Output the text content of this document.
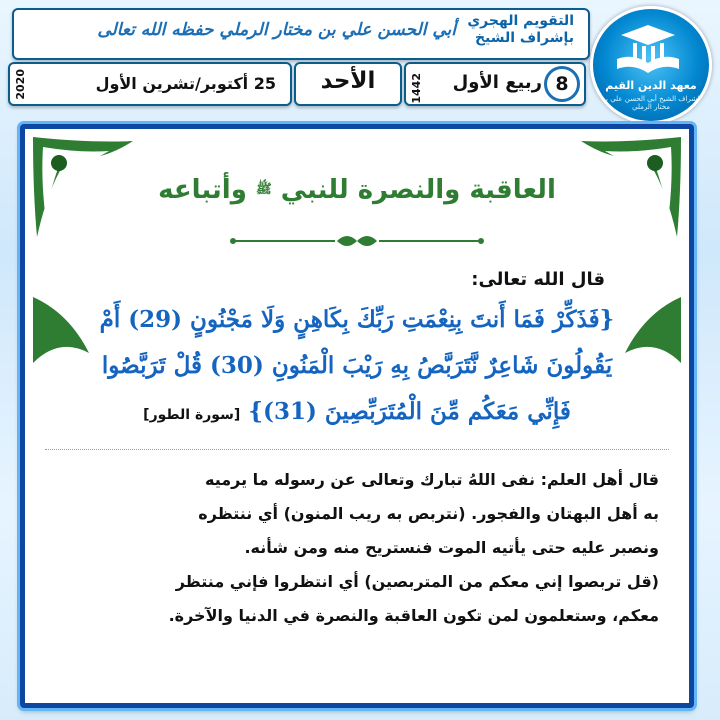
معهد الدين القيم
بإشراف الشيخ أبي الحسن علي بن مختار الرملي
التقويم الهجري
بإشراف الشيخ
أبي الحسن علي بن مختار الرملي حفظه الله تعالى
8
ربيع الأول
1442
الأحد
25 أكتوبر/تشرين الأول
2020
العاقبة والنصرة للنبي ﷺ وأتباعه
قال الله تعالى:
{فَذَكِّرْ فَمَا أَنتَ بِنِعْمَتِ رَبِّكَ بِكَاهِنٍ وَلَا مَجْنُونٍ (29) أَمْ
يَقُولُونَ شَاعِرٌ نَّتَرَبَّصُ بِهِ رَيْبَ الْمَنُونِ (30) قُلْ تَرَبَّصُوا
فَإِنِّي مَعَكُم مِّنَ الْمُتَرَبِّصِينَ (31)} [سورة الطور]

قال أهل العلم: نفى اللهُ تبارك وتعالى عن رسوله ما يرميه

به أهل البهتان والفجور. (نتربص به ريب المنون) أي ننتظره

ونصبر عليه حتى يأتيه الموت فنستريح منه ومن شأنه.

(قل تربصوا إني معكم من المتربصين) أي انتظروا فإني منتظر

معكم، وستعلمون لمن تكون العاقبة والنصرة في الدنيا والآخرة.
